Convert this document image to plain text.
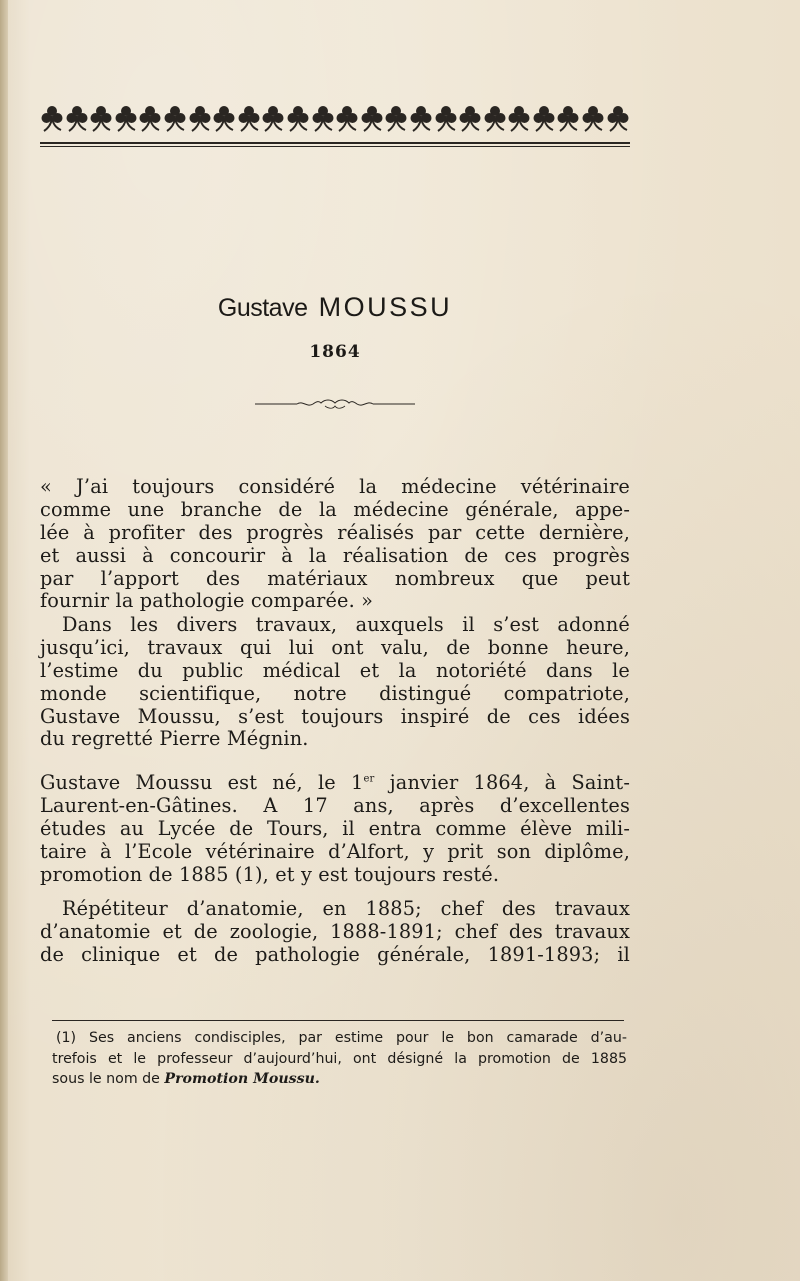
Gustave MOUSSU
1864
« J’ai toujours considéré la médecine vétérinaire
comme une branche de la médecine générale, appe-
lée à profiter des progrès réalisés par cette dernière,
et aussi à concourir à la réalisation de ces progrès
par l’apport des matériaux nombreux que peut
fournir la pathologie comparée. »
Dans les divers travaux, auxquels il s’est adonné
jusqu’ici, travaux qui lui ont valu, de bonne heure,
l’estime du public médical et la notoriété dans le
monde scientifique, notre distingué compatriote,
Gustave Moussu, s’est toujours inspiré de ces idées
du regretté Pierre Mégnin.
Gustave Moussu est né, le 1er janvier 1864, à Saint-
Laurent-en-Gâtines. A 17 ans, après d’excellentes
études au Lycée de Tours, il entra comme élève mili-
taire à l’Ecole vétérinaire d’Alfort, y prit son diplôme,
promotion de 1885 (1), et y est toujours resté.
Répétiteur d’anatomie, en 1885; chef des travaux
d’anatomie et de zoologie, 1888-1891; chef des travaux
de clinique et de pathologie générale, 1891-1893; il
(1) Ses anciens condisciples, par estime pour le bon camarade d’au-
trefois et le professeur d’aujourd’hui, ont désigné la promotion de 1885
sous le nom de Promotion Moussu.
